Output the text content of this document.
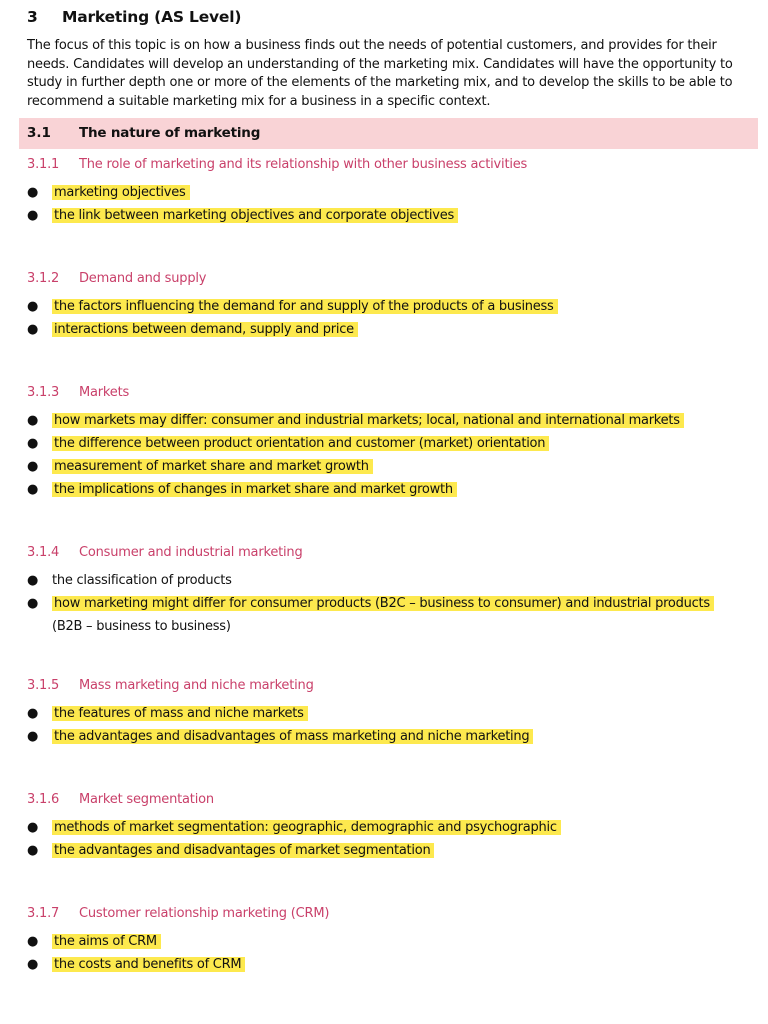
3 Marketing (AS Level)
The focus of this topic is on how a business finds out the needs of potential customers, and provides for their needs. Candidates will develop an understanding of the marketing mix. Candidates will have the opportunity to study in further depth one or more of the elements of the marketing mix, and to develop the skills to be able to recommend a suitable marketing mix for a business in a specific context.
3.1 The nature of marketing
3.1.1 The role of marketing and its relationship with other business activities
● marketing objectives
● the link between marketing objectives and corporate objectives
3.1.2 Demand and supply
● the factors influencing the demand for and supply of the products of a business
● interactions between demand, supply and price
3.1.3 Markets
● how markets may differ: consumer and industrial markets; local, national and international markets
● the difference between product orientation and customer (market) orientation
● measurement of market share and market growth
● the implications of changes in market share and market growth
3.1.4 Consumer and industrial marketing
● the classification of products
● how marketing might differ for consumer products (B2C – business to consumer) and industrial products
(B2B – business to business)
3.1.5 Mass marketing and niche marketing
● the features of mass and niche markets
● the advantages and disadvantages of mass marketing and niche marketing
3.1.6 Market segmentation
● methods of market segmentation: geographic, demographic and psychographic
● the advantages and disadvantages of market segmentation
3.1.7 Customer relationship marketing (CRM)
● the aims of CRM
● the costs and benefits of CRM
